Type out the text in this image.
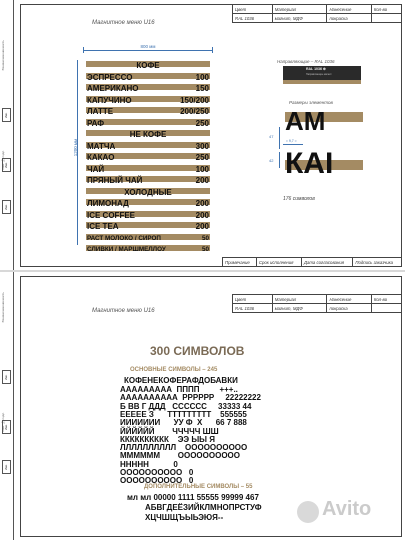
Взаимозаменяемость
Инв. № подл.
Инв.
Изм.
Изм.
Цвет	Материал	Нанесение	Кол-во
RAL 1036	магнит, МДФ	покраска	
Магнитное меню U16
800 мм
1200 мм
КОФЕ
ЭСПРЕССО	100
АМЕРИКАНО	150
КАПУЧИНО	150/200
ЛАТТЕ	200/250
РАФ	250
НЕ КОФЕ
МАТЧА	300
КАКАО	250
ЧАЙ	100
ПРЯНЫЙ ЧАЙ	200
ХОЛОДНЫЕ
ЛИМОНАД	200
ICE COFFEE	200
ICE TEA	200
РАСТ МОЛОКО / СИРОП	50
СЛИВКИ / МАРШМЕЛЛОУ	50
Направляющие – RAL 1036
RAL 1036 ⊕
Направляющие магнит
Размеры элементов
АМ
КАІ
47
42
≈ 9,7 ≈
176 символов
Примечание	Срок исполнения	Дата согласования	Подпись заказчика
Взаимозаменяемость
Инв. № подл.
Инв.
Изм.
Изм.
Цвет	Материал	Нанесение	Кол-во
RAL 1036	магнит, МДФ	покраска	
Магнитное меню U16
300 СИМВОЛОВ
ОСНОВНЫЕ СИМВОЛЫ – 245
КОФЕНЕКОФЕРАФДОБАВКИ
ААААААААА  ПППП         +++..
АААААААААА  РРРРРР     22222222
Б ВВ Г ДДД   СССССС     33333 44
ЕЕЕЕЕ З      ТТТТТТТТТ    555555
ИИИИИИИ      УУ Ф  Х      66 7 888
ЙЙЙЙЙЙ        ЧЧЧЧЧ ШШ
КККККККККК    ЭЭ ЫЫ Я
ЛЛЛЛЛЛЛЛЛЛ    ОООООООООО
ММММММ        ОООООООООО
ННННН           0
ОООООООООО   0
ОООООООООО   0
ДОПОЛНИТЕЛЬНЫЕ СИМВОЛЫ – 55
мл мл 00000 1111 55555 99999 467
АБВГДЕЁЗИЙКЛМНОПРСТУФ
ХЦЧШЩЪЫЬЭЮЯ--	Avito
